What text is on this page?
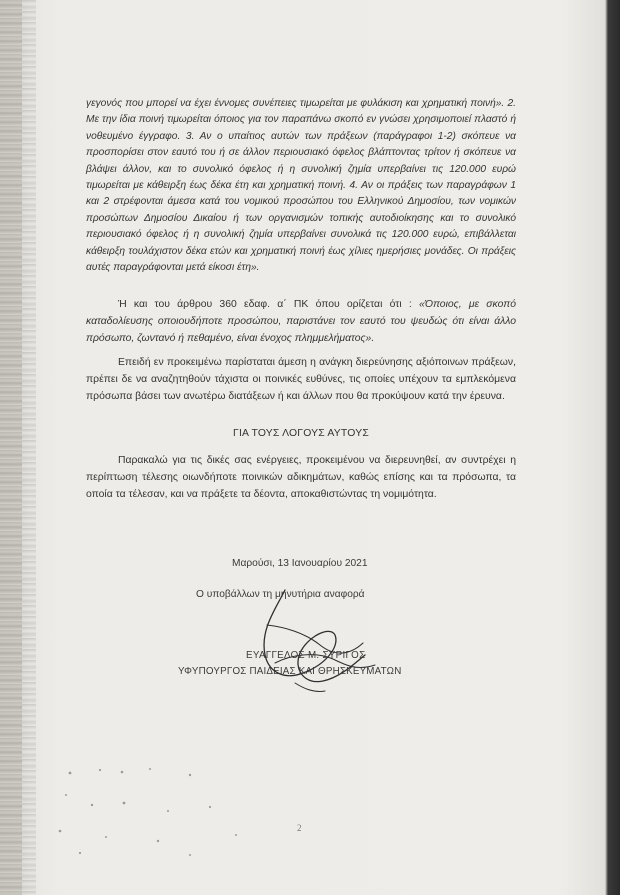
γεγονός που μπορεί να έχει έννομες συνέπειες τιμωρείται με φυλάκιση και χρηματική ποινή». 2. Με την ίδια ποινή τιμωρείται όποιος για τον παραπάνω σκοπό εν γνώσει χρησιμοποιεί πλαστό ή νοθευμένο έγγραφο. 3. Αν ο υπαίτιος αυτών των πράξεων (παράγραφοι 1-2) σκόπευε να προσπορίσει στον εαυτό του ή σε άλλον περιουσιακό όφελος βλάπτοντας τρίτον ή σκόπευε να βλάψει άλλον, και το συνολικό όφελος ή η συνολική ζημία υπερβαίνει τις 120.000 ευρώ τιμωρείται με κάθειρξη έως δέκα έτη και χρηματική ποινή. 4. Αν οι πράξεις των παραγράφων 1 και 2 στρέφονται άμεσα κατά του νομικού προσώπου του Ελληνικού Δημοσίου, των νομικών προσώπων Δημοσίου Δικαίου ή των οργανισμών τοπικής αυτοδιοίκησης και το συνολικό περιουσιακό όφελος ή η συνολική ζημία υπερβαίνει συνολικά τις 120.000 ευρώ, επιβάλλεται κάθειρξη τουλάχιστον δέκα ετών και χρηματική ποινή έως χίλιες ημερήσιες μονάδες. Οι πράξεις αυτές παραγράφονται μετά είκοσι έτη».
Ή και του άρθρου 360 εδαφ. α΄ ΠΚ όπου ορίζεται ότι : «Όποιος, με σκοπό καταδολίευσης οποιουδήποτε προσώπου, παριστάνει τον εαυτό του ψευδώς ότι είναι άλλο πρόσωπο, ζωντανό ή πεθαμένο, είναι ένοχος πλημμελήματος».
Επειδή εν προκειμένω παρίσταται άμεση η ανάγκη διερεύνησης αξιόποινων πράξεων, πρέπει δε να αναζητηθούν τάχιστα οι ποινικές ευθύνες, τις οποίες υπέχουν τα εμπλεκόμενα πρόσωπα βάσει των ανωτέρω διατάξεων ή και άλλων που θα προκύψουν κατά την έρευνα.
ΓΙΑ ΤΟΥΣ ΛΟΓΟΥΣ ΑΥΤΟΥΣ
Παρακαλώ για τις δικές σας ενέργειες, προκειμένου να διερευνηθεί, αν συντρέχει η περίπτωση τέλεσης οιωνδήποτε ποινικών αδικημάτων, καθώς επίσης και τα πρόσωπα, τα οποία τα τέλεσαν, και να πράξετε τα δέοντα, αποκαθιστώντας τη νομιμότητα.
Μαρούσι, 13 Ιανουαρίου 2021
Ο υποβάλλων τη μηνυτήρια αναφορά
ΕΥΑΓΓΕΛΟΣ Μ. ΣΥΡΙΓΟΣ
ΥΦΥΠΟΥΡΓΟΣ ΠΑΙΔΕΙΑΣ ΚΑΙ ΘΡΗΣΚΕΥΜΑΤΩΝ
2
